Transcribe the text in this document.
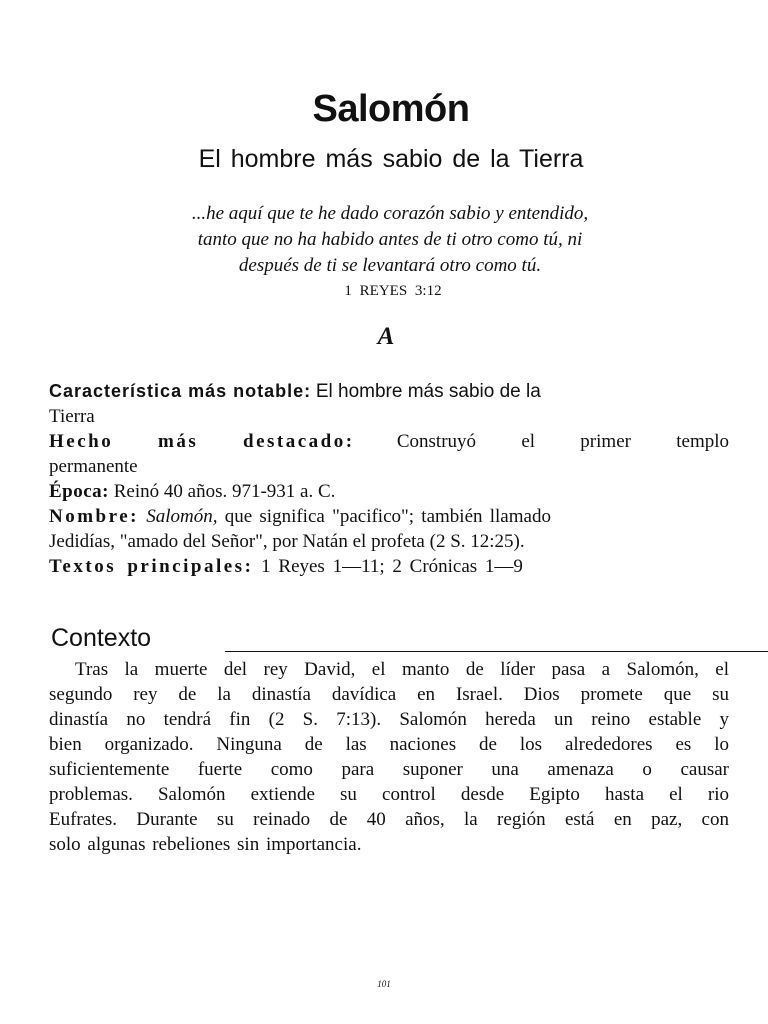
Salomón
El hombre más sabio de la Tierra
...he aquí que te he dado corazón sabio y entendido,
tanto que no ha habido antes de ti otro como tú, ni
después de ti se levantará otro como tú.
1 REYES 3:12
A
Característica más notable: El hombre más sabio de la
Tierra
Hecho más destacado: Construyó el primer templo
permanente
Época: Reinó 40 años. 971-931 a. C.
Nombre: Salomón, que significa "pacifico"; también llamado
Jedidías, "amado del Señor", por Natán el profeta (2 S. 12:25).
Textos principales: 1 Reyes 1—11; 2 Crónicas 1—9
Contexto
Tras la muerte del rey David, el manto de líder pasa a Salomón, el
segundo rey de la dinastía davídica en Israel. Dios promete que su
dinastía no tendrá fin (2 S. 7:13). Salomón hereda un reino estable y
bien organizado. Ninguna de las naciones de los alrededores es lo
suficientemente fuerte como para suponer una amenaza o causar
problemas. Salomón extiende su control desde Egipto hasta el rio
Eufrates. Durante su reinado de 40 años, la región está en paz, con
solo algunas rebeliones sin importancia.
101
